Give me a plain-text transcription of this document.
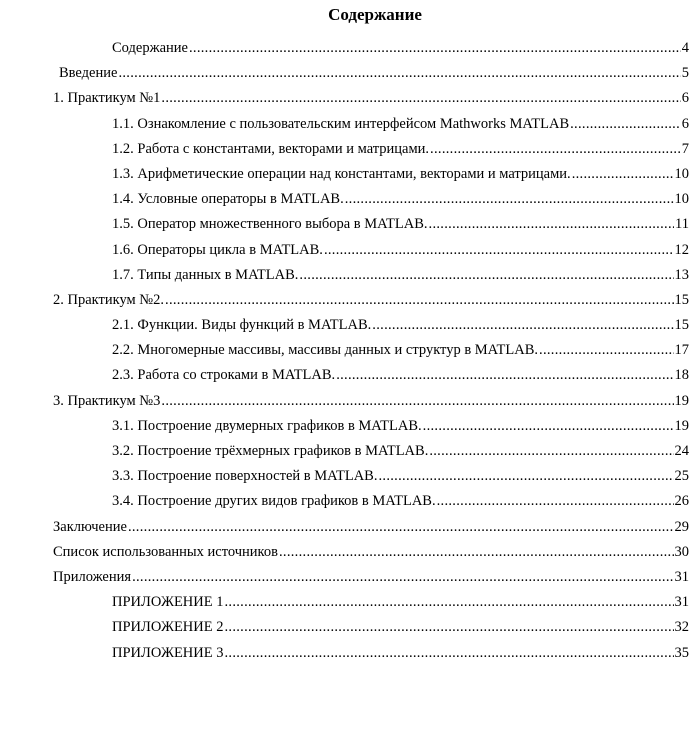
Содержание
Содержание .....	4
Введение .....	5
1. Практикум №1 .....	6
1.1. Ознакомление с пользовательским интерфейсом Mathworks MATLAB .....	6
1.2. Работа с константами, векторами и матрицами. .....	7
1.3. Арифметические операции над константами, векторами и матрицами. .....	10
1.4. Условные операторы в MATLAB. .....	10
1.5. Оператор множественного выбора в MATLAB. .....	11
1.6. Операторы цикла в MATLAB. .....	12
1.7. Типы данных в MATLAB. .....	13
2. Практикум №2. .....	15
2.1. Функции. Виды функций в MATLAB. .....	15
2.2. Многомерные массивы, массивы данных и структур в MATLAB. .....	17
2.3. Работа со строками в MATLAB. .....	18
3. Практикум №3 .....	19
3.1. Построение двумерных графиков в MATLAB. .....	19
3.2. Построение трёхмерных графиков в MATLAB. .....	24
3.3. Построение поверхностей в MATLAB. .....	25
3.4. Построение других видов графиков в MATLAB. .....	26
Заключение .....	29
Список использованных источников .....	30
Приложения .....	31
ПРИЛОЖЕНИЕ 1 .....	31
ПРИЛОЖЕНИЕ 2 .....	32
ПРИЛОЖЕНИЕ 3 .....	35
